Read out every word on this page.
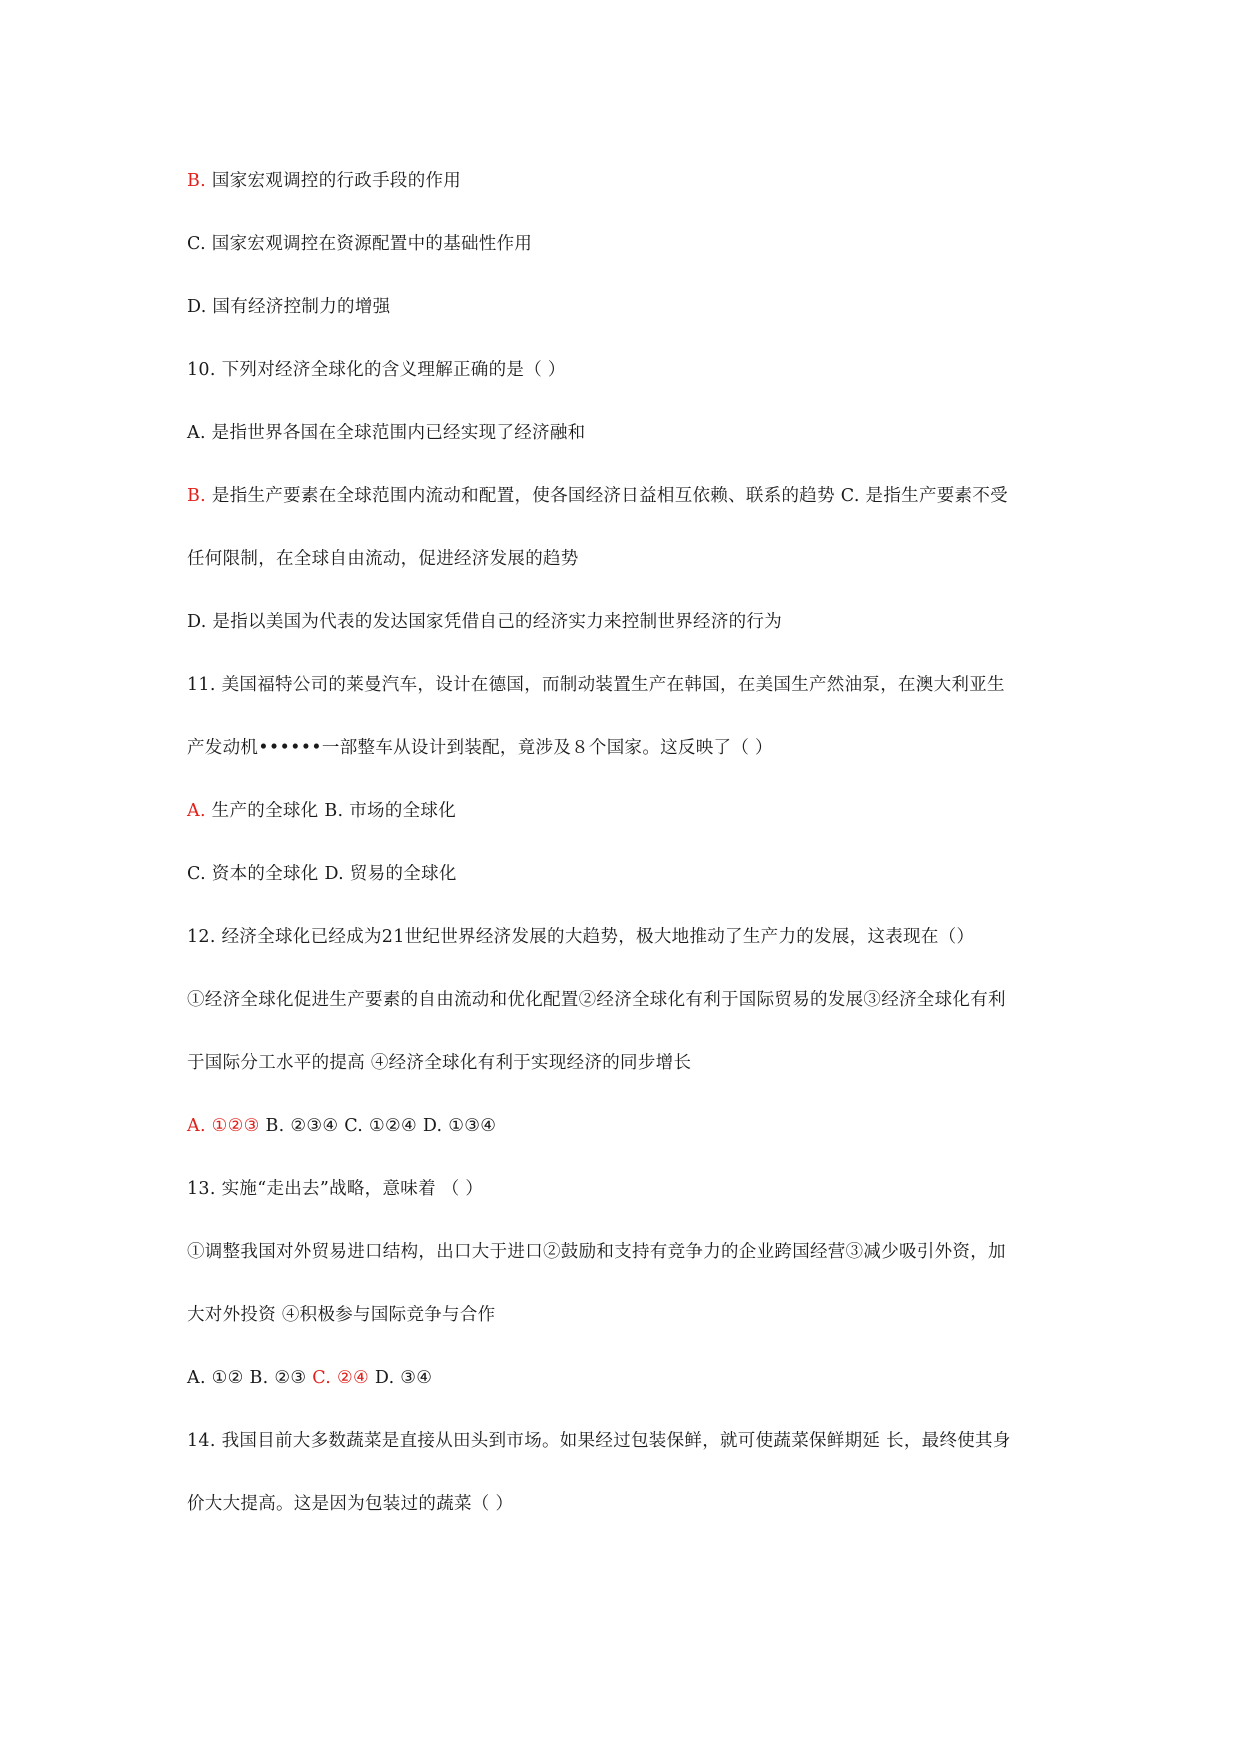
B. 国家宏观调控的行政手段的作用
C. 国家宏观调控在资源配置中的基础性作用
D. 国有经济控制力的增强
10. 下列对经济全球化的含义理解正确的是（ ）
A. 是指世界各国在全球范围内已经实现了经济融和
B. 是指生产要素在全球范围内流动和配置，使各国经济日益相互依赖、联系的趋势 C. 是指生产要素不受
任何限制，在全球自由流动，促进经济发展的趋势
D. 是指以美国为代表的发达国家凭借自己的经济实力来控制世界经济的行为
11. 美国福特公司的莱曼汽车，设计在德国，而制动装置生产在韩国，在美国生产然油泵，在澳大利亚生
产发动机••••••一部整车从设计到装配，竟涉及８个国家。这反映了（ ）
A. 生产的全球化 B. 市场的全球化
C. 资本的全球化 D. 贸易的全球化
12. 经济全球化已经成为21世纪世界经济发展的大趋势，极大地推动了生产力的发展，这表现在（）
①经济全球化促进生产要素的自由流动和优化配置②经济全球化有利于国际贸易的发展③经济全球化有利
于国际分工水平的提高 ④经济全球化有利于实现经济的同步增长
A. ①②③ B. ②③④ C. ①②④ D. ①③④
13. 实施“走出去”战略，意味着 （ ）
①调整我国对外贸易进口结构，出口大于进口②鼓励和支持有竞争力的企业跨国经营③减少吸引外资，加
大对外投资 ④积极参与国际竞争与合作
A. ①② B. ②③ C. ②④ D. ③④
14. 我国目前大多数蔬菜是直接从田头到市场。如果经过包装保鲜，就可使蔬菜保鲜期延 长，最终使其身
价大大提高。这是因为包装过的蔬菜（ ）
